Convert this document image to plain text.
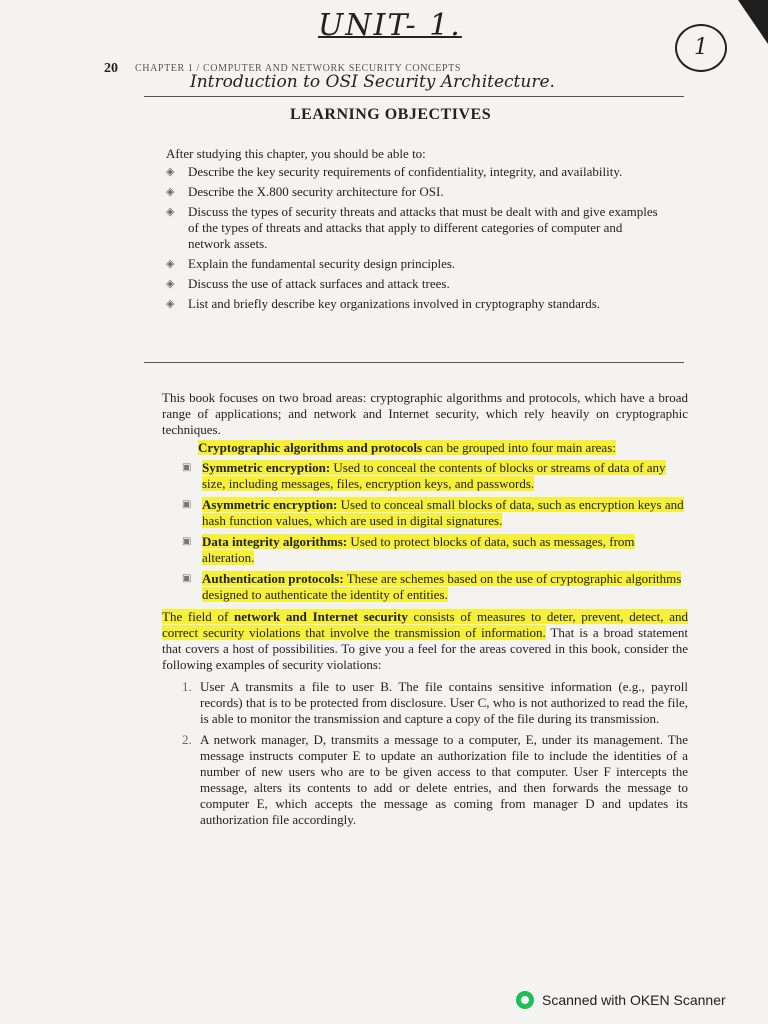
UNIT- 1.
1
20 CHAPTER 1 / COMPUTER AND NETWORK SECURITY CONCEPTS
Introduction to OSI Security Architecture.
LEARNING OBJECTIVES
After studying this chapter, you should be able to:
◈ Describe the key security requirements of confidentiality, integrity, and availability.
◈ Describe the X.800 security architecture for OSI.
◈ Discuss the types of security threats and attacks that must be dealt with and give examples of the types of threats and attacks that apply to different categories of computer and network assets.
◈ Explain the fundamental security design principles.
◈ Discuss the use of attack surfaces and attack trees.
◈ List and briefly describe key organizations involved in cryptography standards.

This book focuses on two broad areas: cryptographic algorithms and protocols, which have a broad range of applications; and network and Internet security, which rely heavily on cryptographic techniques.

Cryptographic algorithms and protocols can be grouped into four main areas:

▣ Symmetric encryption: Used to conceal the contents of blocks or streams of data of any size, including messages, files, encryption keys, and passwords.
▣ Asymmetric encryption: Used to conceal small blocks of data, such as encryption keys and hash function values, which are used in digital signatures.
▣ Data integrity algorithms: Used to protect blocks of data, such as messages, from alteration.
▣ Authentication protocols: These are schemes based on the use of cryptographic algorithms designed to authenticate the identity of entities.

The field of network and Internet security consists of measures to deter, prevent, detect, and correct security violations that involve the transmission of information. That is a broad statement that covers a host of possibilities. To give you a feel for the areas covered in this book, consider the following examples of security violations:

1. User A transmits a file to user B. The file contains sensitive information (e.g., payroll records) that is to be protected from disclosure. User C, who is not authorized to read the file, is able to monitor the transmission and capture a copy of the file during its transmission.
2. A network manager, D, transmits a message to a computer, E, under its management. The message instructs computer E to update an authorization file to include the identities of a number of new users who are to be given access to that computer. User F intercepts the message, alters its contents to add or delete entries, and then forwards the message to computer E, which accepts the message as coming from manager D and updates its authorization file accordingly.
Scanned with OKEN Scanner
